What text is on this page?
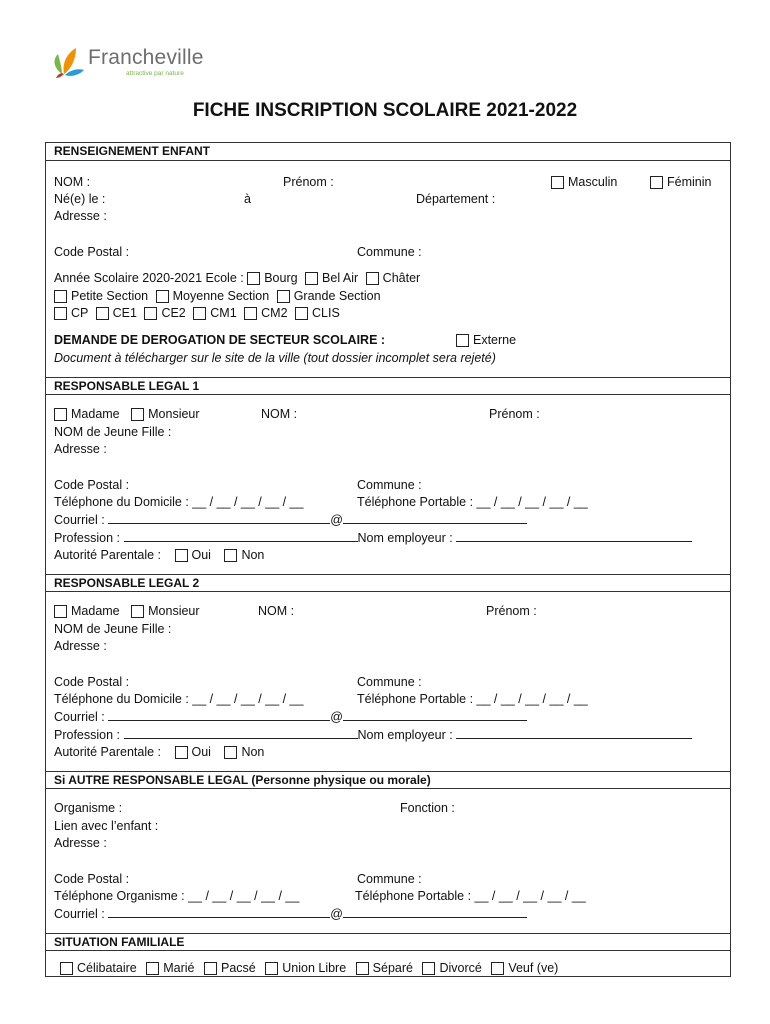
Francheville
attractive par nature
FICHE INSCRIPTION SCOLAIRE 2021-2022
RENSEIGNEMENT ENFANT
NOM :	Prénom :	Masculin	Féminin
Né(e) le :	à	Département :
Adresse :
Code Postal :	Commune :
Année Scolaire 2020-2021 Ecole : Bourg Bel Air Châter
Petite Section Moyenne Section Grande Section
CP CE1 CE2 CM1 CM2 CLIS
DEMANDE DE DEROGATION DE SECTEUR SCOLAIRE :	Externe
Document à télécharger sur le site de la ville (tout dossier incomplet sera rejeté)
RESPONSABLE LEGAL 1
Madame Monsieur	NOM :	Prénom :
NOM de Jeune Fille :
Adresse :
Code Postal :	Commune :
Téléphone du Domicile : __ / __ / __ / __ / __	Téléphone Portable : __ / __ / __ / __ / __
Courriel :	@
Profession :	Nom employeur :
Autorité Parentale : Oui Non
RESPONSABLE LEGAL 2
Madame Monsieur	NOM :	Prénom :
NOM de Jeune Fille :
Adresse :
Code Postal :	Commune :
Téléphone du Domicile : __ / __ / __ / __ / __	Téléphone Portable : __ / __ / __ / __ / __
Courriel :	@
Profession :	Nom employeur :
Autorité Parentale : Oui Non
Si AUTRE RESPONSABLE LEGAL (Personne physique ou morale)
Organisme :	Fonction :
Lien avec l’enfant :
Adresse :
Code Postal :	Commune :
Téléphone Organisme : __ / __ / __ / __ / __	Téléphone Portable : __ / __ / __ / __ / __
Courriel :	@
SITUATION FAMILIALE
Célibataire Marié Pacsé Union Libre Séparé Divorcé Veuf (ve)
